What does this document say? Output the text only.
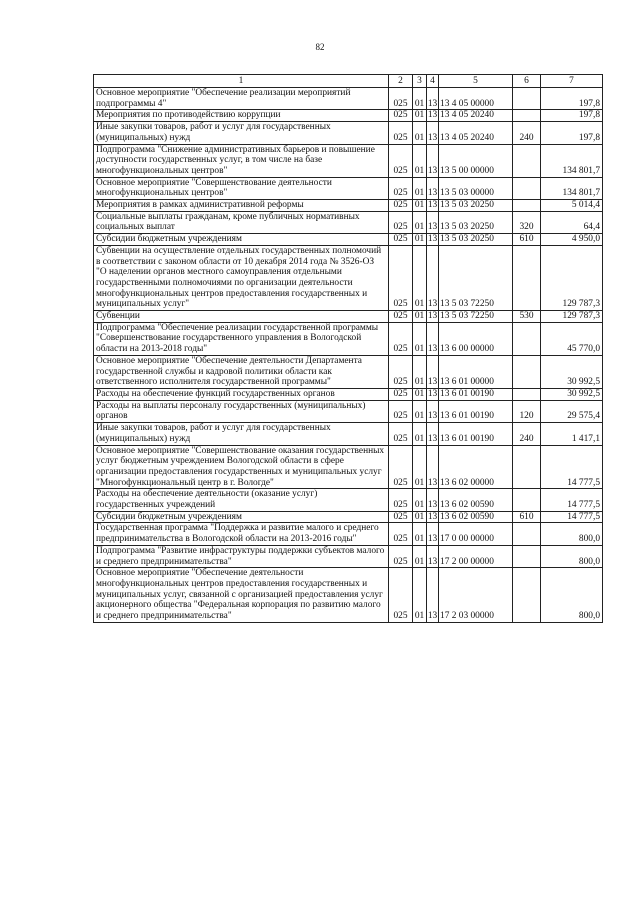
82
1	2	3	4	5	6	7
Основное мероприятие "Обеспечение реализации мероприятий подпрограммы 4"	025	01	13	13 4 05 00000		197,8
Мероприятия по противодействию коррупции	025	01	13	13 4 05 20240		197,8
Иные закупки товаров, работ и услуг для государственных (муниципальных) нужд	025	01	13	13 4 05 20240	240	197,8
Подпрограмма "Снижение административных барьеров и повышение доступности государственных услуг, в том числе на базе многофункциональных центров"	025	01	13	13 5 00 00000		134 801,7
Основное мероприятие "Совершенствование деятельности многофункциональных центров"	025	01	13	13 5 03 00000		134 801,7
Мероприятия в рамках административной реформы	025	01	13	13 5 03 20250		5 014,4
Социальные выплаты гражданам, кроме публичных нормативных социальных выплат	025	01	13	13 5 03 20250	320	64,4
Субсидии бюджетным учреждениям	025	01	13	13 5 03 20250	610	4 950,0
Субвенции на осуществление отдельных государственных полномочий в соответствии с законом области от 10 декабря 2014 года № 3526-ОЗ "О наделении органов местного самоуправления отдельными государственными полномочиями по организации деятельности многофункциональных центров предоставления государственных и муниципальных услуг"	025	01	13	13 5 03 72250		129 787,3
Субвенции	025	01	13	13 5 03 72250	530	129 787,3
Подпрограмма "Обеспечение реализации государственной программы "Совершенствование государственного управления в Вологодской области на 2013-2018 годы"	025	01	13	13 6 00 00000		45 770,0
Основное мероприятие "Обеспечение деятельности Департамента государственной службы и кадровой политики области как ответственного исполнителя государственной программы"	025	01	13	13 6 01 00000		30 992,5
Расходы на обеспечение функций государственных органов	025	01	13	13 6 01 00190		30 992,5
Расходы на выплаты персоналу государственных (муниципальных) органов	025	01	13	13 6 01 00190	120	29 575,4
Иные закупки товаров, работ и услуг для государственных (муниципальных) нужд	025	01	13	13 6 01 00190	240	1 417,1
Основное мероприятие "Совершенствование оказания государственных услуг бюджетным учреждением Вологодской области в сфере организации предоставления государственных и муниципальных услуг "Многофункциональный центр в г. Вологде"	025	01	13	13 6 02 00000		14 777,5
Расходы на обеспечение деятельности (оказание услуг) государственных учреждений	025	01	13	13 6 02 00590		14 777,5
Субсидии бюджетным учреждениям	025	01	13	13 6 02 00590	610	14 777,5
Государственная программа "Поддержка и развитие малого и среднего предпринимательства в Вологодской области на 2013-2016 годы"	025	01	13	17 0 00 00000		800,0
Подпрограмма "Развитие инфраструктуры поддержки субъектов малого и среднего предпринимательства"	025	01	13	17 2 00 00000		800,0
Основное мероприятие "Обеспечение деятельности многофункциональных центров предоставления государственных и муниципальных услуг, связанной с организацией предоставления услуг акционерного общества "Федеральная корпорация по развитию малого и среднего предпринимательства"	025	01	13	17 2 03 00000		800,0
